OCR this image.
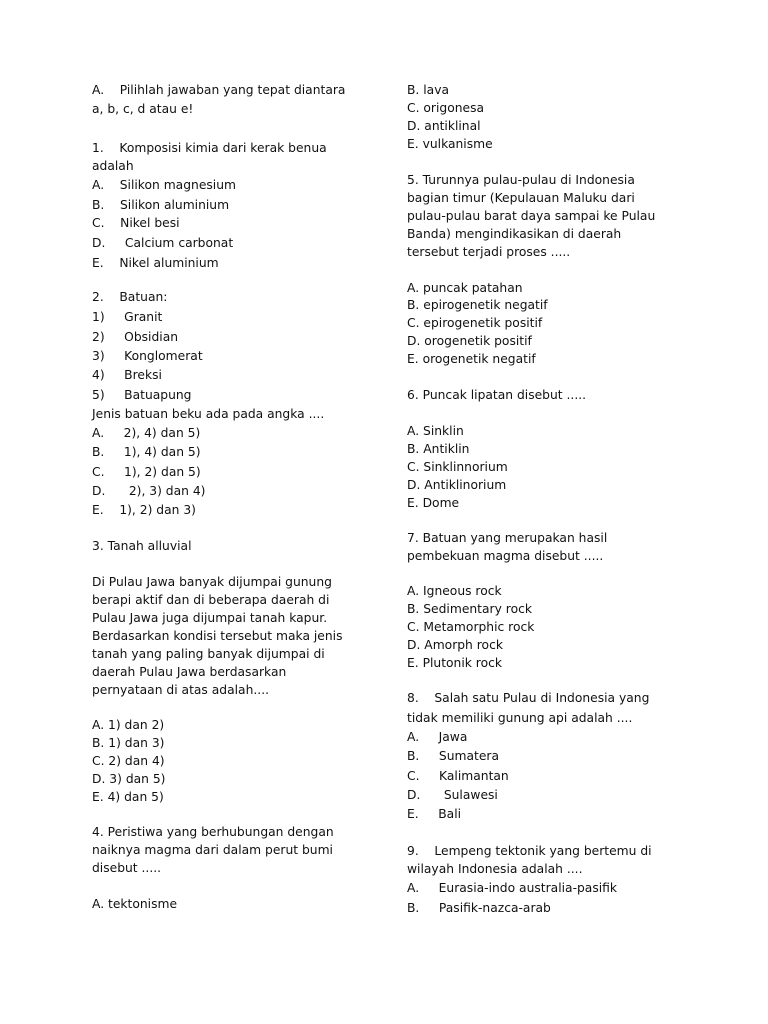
A.    Pilihlah jawaban yang tepat diantara
a, b, c, d atau e!
1.    Komposisi kimia dari kerak benua
adalah
A.    Silikon magnesium
B.    Silikon aluminium
C.    Nikel besi
D.     Calcium carbonat
E.    Nikel aluminium
2.    Batuan:
1)     Granit
2)     Obsidian
3)     Konglomerat
4)     Breksi
5)     Batuapung
Jenis batuan beku ada pada angka ....
A.     2), 4) dan 5)
B.     1), 4) dan 5)
C.     1), 2) dan 5)
D.      2), 3) dan 4)
E.    1), 2) dan 3)
3. Tanah alluvial
Di Pulau Jawa banyak dijumpai gunung
berapi aktif dan di beberapa daerah di
Pulau Jawa juga dijumpai tanah kapur.
Berdasarkan kondisi tersebut maka jenis
tanah yang paling banyak dijumpai di
daerah Pulau Jawa berdasarkan
pernyataan di atas adalah....
A. 1) dan 2)
B. 1) dan 3)
C. 2) dan 4)
D. 3) dan 5)
E. 4) dan 5)
4. Peristiwa yang berhubungan dengan
naiknya magma dari dalam perut bumi
disebut .....
A. tektonisme
B. lava
C. origonesa
D. antiklinal
E. vulkanisme
5. Turunnya pulau-pulau di Indonesia
bagian timur (Kepulauan Maluku dari
pulau-pulau barat daya sampai ke Pulau
Banda) mengindikasikan di daerah
tersebut terjadi proses .....
A. puncak patahan
B. epirogenetik negatif
C. epirogenetik positif
D. orogenetik positif
E. orogenetik negatif
6. Puncak lipatan disebut .....
A. Sinklin
B. Antiklin
C. Sinklinnorium
D. Antiklinorium
E. Dome
7. Batuan yang merupakan hasil
pembekuan magma disebut .....
A. Igneous rock
B. Sedimentary rock
C. Metamorphic rock
D. Amorph rock
E. Plutonik rock
8.    Salah satu Pulau di Indonesia yang
tidak memiliki gunung api adalah ....
A.     Jawa
B.     Sumatera
C.     Kalimantan
D.      Sulawesi
E.     Bali
9.    Lempeng tektonik yang bertemu di
wilayah Indonesia adalah ....
A.     Eurasia-indo australia-pasifik
B.     Pasifik-nazca-arab
